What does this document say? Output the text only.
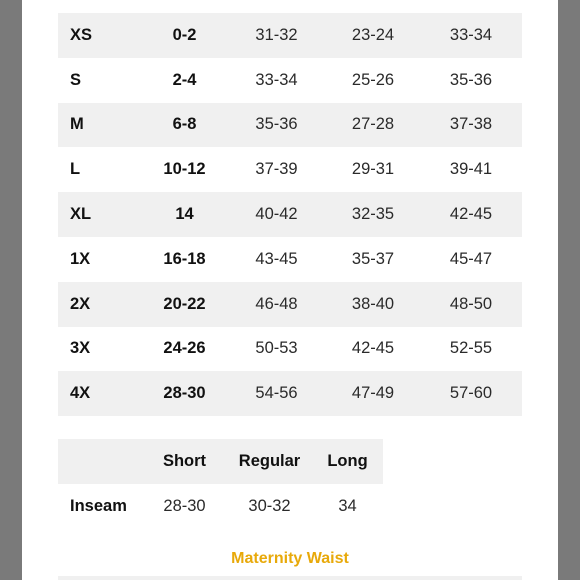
XS	0-2	31-32	23-24	33-34
S	2-4	33-34	25-26	35-36
M	6-8	35-36	27-28	37-38
L	10-12	37-39	29-31	39-41
XL	14	40-42	32-35	42-45
1X	16-18	43-45	35-37	45-47
2X	20-22	46-48	38-40	48-50
3X	24-26	50-53	42-45	52-55
4X	28-30	54-56	47-49	57-60
	Short	Regular	Long
Inseam	28-30	30-32	34
Maternity Waist
